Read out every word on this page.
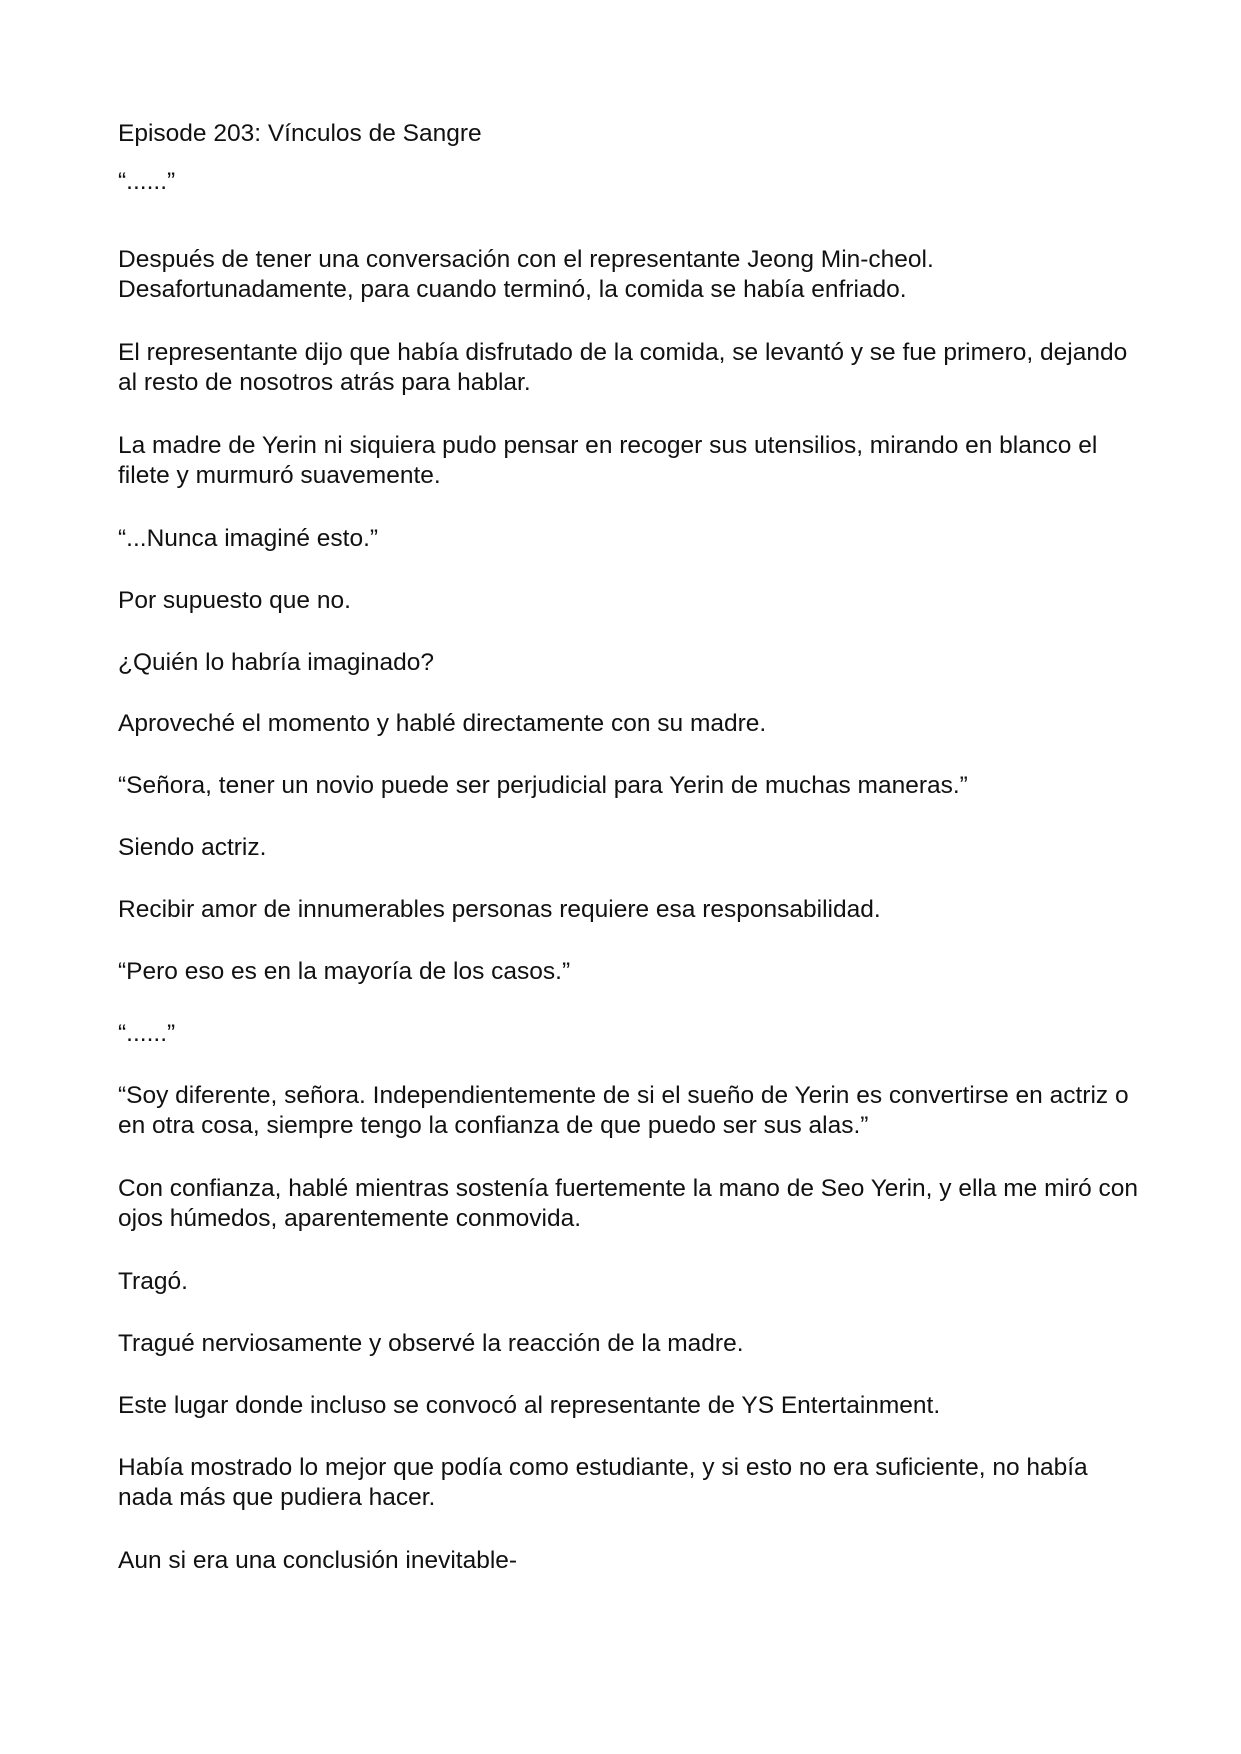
Episode 203: Vínculos de Sangre

“......”

Después de tener una conversación con el representante Jeong Min-cheol. Desafortunadamente, para cuando terminó, la comida se había enfriado.

El representante dijo que había disfrutado de la comida, se levantó y se fue primero, dejando al resto de nosotros atrás para hablar.

La madre de Yerin ni siquiera pudo pensar en recoger sus utensilios, mirando en blanco el filete y murmuró suavemente.

“...Nunca imaginé esto.”

Por supuesto que no.

¿Quién lo habría imaginado?

Aproveché el momento y hablé directamente con su madre.

“Señora, tener un novio puede ser perjudicial para Yerin de muchas maneras.”

Siendo actriz.

Recibir amor de innumerables personas requiere esa responsabilidad.

“Pero eso es en la mayoría de los casos.”

“......”

“Soy diferente, señora. Independientemente de si el sueño de Yerin es convertirse en actriz o en otra cosa, siempre tengo la confianza de que puedo ser sus alas.”

Con confianza, hablé mientras sostenía fuertemente la mano de Seo Yerin, y ella me miró con ojos húmedos, aparentemente conmovida.

Tragó.

Tragué nerviosamente y observé la reacción de la madre.

Este lugar donde incluso se convocó al representante de YS Entertainment.

Había mostrado lo mejor que podía como estudiante, y si esto no era suficiente, no había nada más que pudiera hacer.

Aun si era una conclusión inevitable-
